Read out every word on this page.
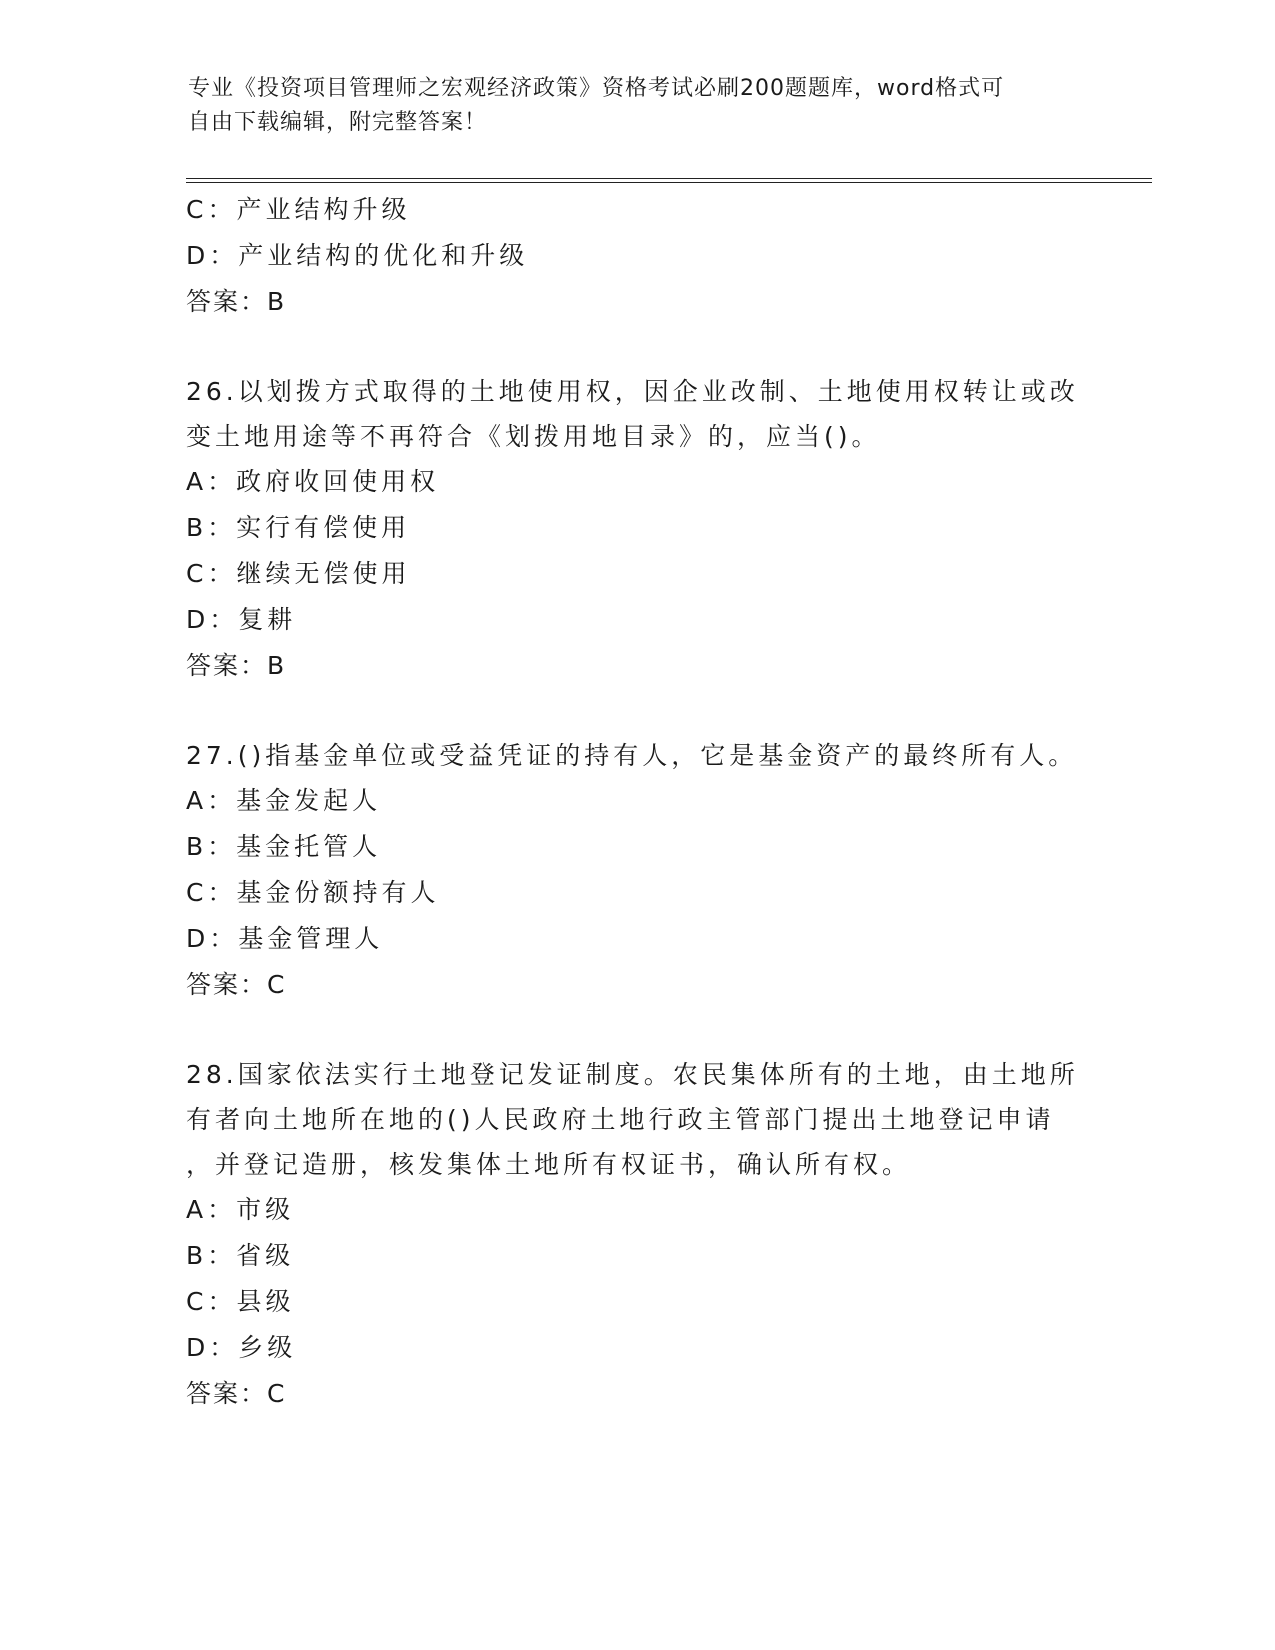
专业《投资项目管理师之宏观经济政策》资格考试必刷200题题库，word格式可
自由下载编辑，附完整答案！

C：产业结构升级

D：产业结构的优化和升级

答案：B

26.以划拨方式取得的土地使用权，因企业改制、土地使用权转让或改

变土地用途等不再符合《划拨用地目录》的，应当()。

A：政府收回使用权

B：实行有偿使用

C：继续无偿使用

D：复耕

答案：B

27.()指基金单位或受益凭证的持有人，它是基金资产的最终所有人。

A：基金发起人

B：基金托管人

C：基金份额持有人

D：基金管理人

答案：C

28.国家依法实行土地登记发证制度。农民集体所有的土地，由土地所

有者向土地所在地的()人民政府土地行政主管部门提出土地登记申请

，并登记造册，核发集体土地所有权证书，确认所有权。

A：市级

B：省级

C：县级

D：乡级

答案：C
